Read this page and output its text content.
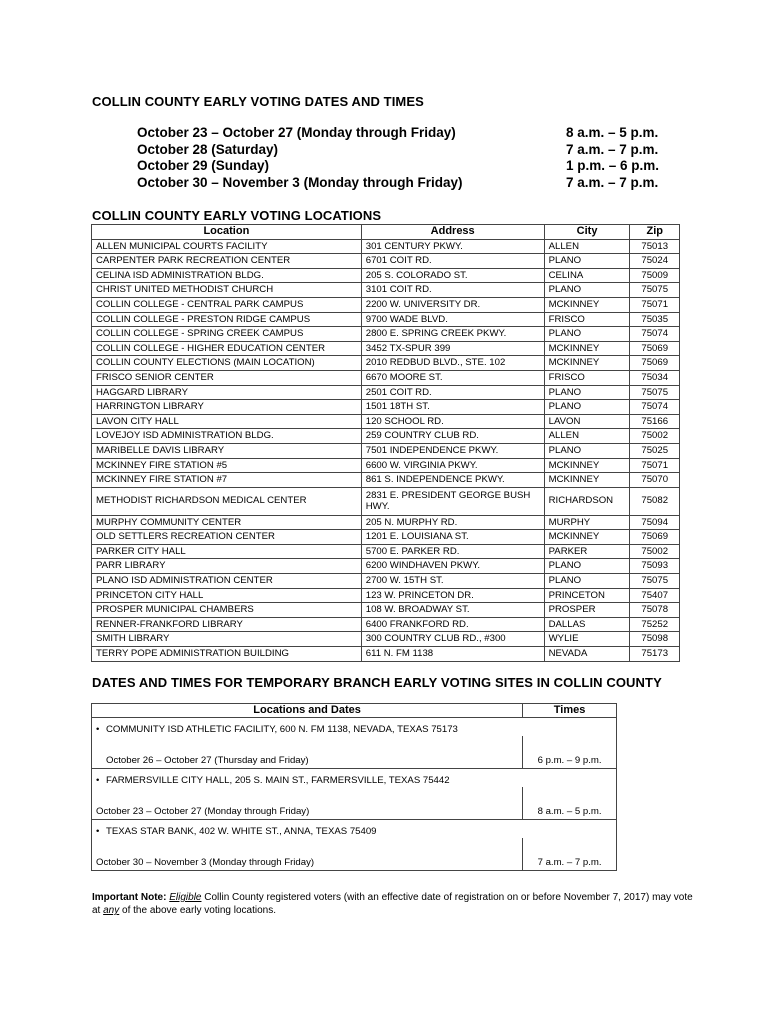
COLLIN COUNTY EARLY VOTING DATES AND TIMES
October 23 – October 27 (Monday through Friday)	8 a.m. – 5 p.m.
October 28 (Saturday)	7 a.m. – 7 p.m.
October 29 (Sunday)	1 p.m. – 6 p.m.
October 30 – November 3 (Monday through Friday)	7 a.m. – 7 p.m.
COLLIN COUNTY EARLY VOTING LOCATIONS
Location	Address	City	Zip
ALLEN MUNICIPAL COURTS FACILITY	301 CENTURY PKWY.	ALLEN	75013
CARPENTER PARK RECREATION CENTER	6701 COIT RD.	PLANO	75024
CELINA ISD ADMINISTRATION BLDG.	205 S. COLORADO ST.	CELINA	75009
CHRIST UNITED METHODIST CHURCH	3101 COIT RD.	PLANO	75075
COLLIN COLLEGE - CENTRAL PARK CAMPUS	2200 W. UNIVERSITY DR.	MCKINNEY	75071
COLLIN COLLEGE - PRESTON RIDGE CAMPUS	9700 WADE BLVD.	FRISCO	75035
COLLIN COLLEGE - SPRING CREEK CAMPUS	2800 E. SPRING CREEK PKWY.	PLANO	75074
COLLIN COLLEGE - HIGHER EDUCATION CENTER	3452 TX-SPUR 399	MCKINNEY	75069
COLLIN COUNTY ELECTIONS (MAIN LOCATION)	2010 REDBUD BLVD., STE. 102	MCKINNEY	75069
FRISCO SENIOR CENTER	6670 MOORE ST.	FRISCO	75034
HAGGARD LIBRARY	2501 COIT RD.	PLANO	75075
HARRINGTON LIBRARY	1501 18TH ST.	PLANO	75074
LAVON CITY HALL	120 SCHOOL RD.	LAVON	75166
LOVEJOY ISD ADMINISTRATION BLDG.	259 COUNTRY CLUB RD.	ALLEN	75002
MARIBELLE DAVIS LIBRARY	7501 INDEPENDENCE PKWY.	PLANO	75025
MCKINNEY FIRE STATION #5	6600 W. VIRGINIA PKWY.	MCKINNEY	75071
MCKINNEY FIRE STATION #7	861 S. INDEPENDENCE PKWY.	MCKINNEY	75070
METHODIST RICHARDSON MEDICAL CENTER	2831 E. PRESIDENT GEORGE BUSH HWY.	RICHARDSON	75082
MURPHY COMMUNITY CENTER	205 N. MURPHY RD.	MURPHY	75094
OLD SETTLERS RECREATION CENTER	1201 E. LOUISIANA ST.	MCKINNEY	75069
PARKER CITY HALL	5700 E. PARKER RD.	PARKER	75002
PARR LIBRARY	6200 WINDHAVEN PKWY.	PLANO	75093
PLANO ISD ADMINISTRATION CENTER	2700 W. 15TH ST.	PLANO	75075
PRINCETON CITY HALL	123 W. PRINCETON DR.	PRINCETON	75407
PROSPER MUNICIPAL CHAMBERS	108 W. BROADWAY ST.	PROSPER	75078
RENNER-FRANKFORD LIBRARY	6400 FRANKFORD RD.	DALLAS	75252
SMITH LIBRARY	300 COUNTRY CLUB RD., #300	WYLIE	75098
TERRY POPE ADMINISTRATION BUILDING	611 N. FM 1138	NEVADA	75173
DATES AND TIMES FOR TEMPORARY BRANCH EARLY VOTING SITES IN COLLIN COUNTY
Locations and Dates	Times
• COMMUNITY ISD ATHLETIC FACILITY, 600 N. FM 1138, NEVADA, TEXAS 75173	
October 26 – October 27 (Thursday and Friday)	6 p.m. – 9 p.m.
• FARMERSVILLE CITY HALL, 205 S. MAIN ST., FARMERSVILLE, TEXAS 75442	
October 23 – October 27 (Monday through Friday)	8 a.m. – 5 p.m.
• TEXAS STAR BANK, 402 W. WHITE ST., ANNA, TEXAS 75409	
October 30 – November 3 (Monday through Friday)	7 a.m. – 7 p.m.
Important Note: Eligible Collin County registered voters (with an effective date of registration on or before November 7, 2017) may vote at any of the above early voting locations.
